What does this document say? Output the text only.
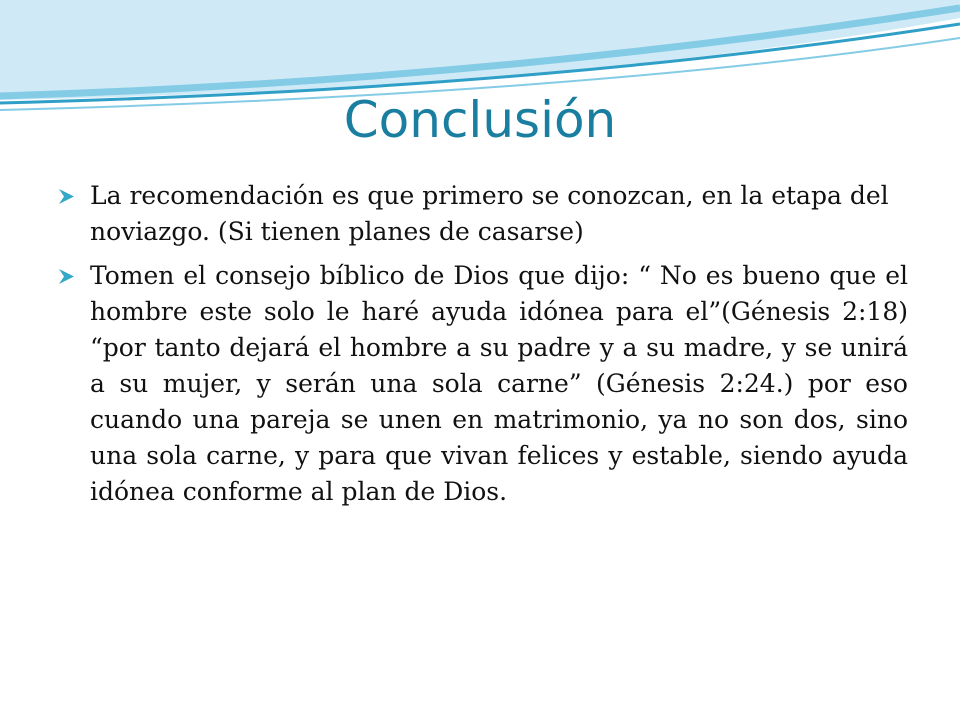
Conclusión
La recomendación es que primero se conozcan, en la etapa del noviazgo. (Si tienen planes de casarse)
Tomen el consejo bíblico de Dios que dijo: “ No es bueno que el hombre este solo le haré ayuda idónea para el”(Génesis 2:18) “por tanto dejará el hombre a su padre y a su madre, y se unirá a su mujer, y serán una sola carne” (Génesis 2:24.) por eso cuando una pareja se unen en matrimonio, ya no son dos, sino una sola carne, y para que vivan felices y estable, siendo ayuda idónea conforme al plan de Dios.
